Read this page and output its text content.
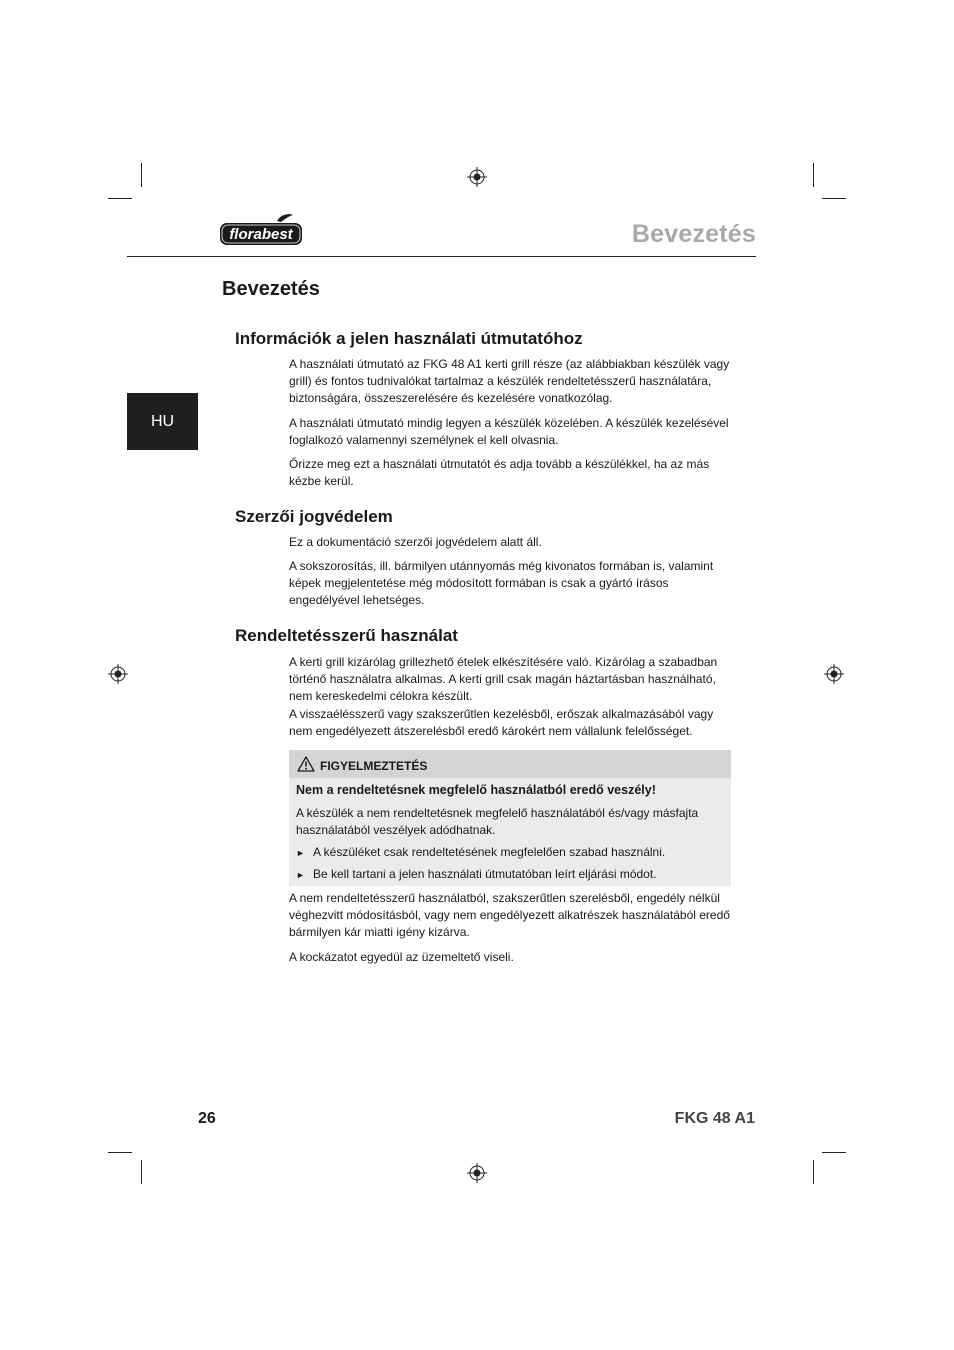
florabest	Bevezetés
HU
Bevezetés
Információk a jelen használati útmutatóhoz

A használati útmutató az FKG 48 A1 kerti grill része (az alábbiakban készülék vagy grill) és fontos tudnivalókat tartalmaz a készülék rendeltetésszerű használatára, biztonságára, összeszerelésére és kezelésére vonatkozólag.

A használati útmutató mindig legyen a készülék közelében. A készülék kezelésével foglalkozó valamennyi személynek el kell olvasnia.

Őrizze meg ezt a használati útmutatót és adja tovább a készülékkel, ha az más kézbe kerül.

Szerzői jogvédelem

Ez a dokumentáció szerzői jogvédelem alatt áll.

A sokszorosítás, ill. bármilyen utánnyomás még kivonatos formában is, valamint képek megjelentetése még módosított formában is csak a gyártó írásos engedélyével lehetséges.

Rendeltetésszerű használat

A kerti grill kizárólag grillezhető ételek elkészítésére való. Kizárólag a szabadban történő használatra alkalmas. A kerti grill csak magán háztartásban használható, nem kereskedelmi célokra készült.

A visszaélésszerű vagy szakszerűtlen kezelésből, erőszak alkalmazásából vagy nem engedélyezett átszerelésből eredő károkért nem vállalunk felelősséget.

FIGYELMEZTETÉS
Nem a rendeltetésnek megfelelő használatból eredő veszély!
A készülék a nem rendeltetésnek megfelelő használatából és/vagy másfajta használatából veszélyek adódhatnak.
► A készüléket csak rendeltetésének megfelelően szabad használni.
► Be kell tartani a jelen használati útmutatóban leírt eljárási módot.

A nem rendeltetésszerű használatból, szakszerűtlen szerelésből, engedély nélkül véghezvitt módosításból, vagy nem engedélyezett alkatrészek használatából eredő bármilyen kár miatti igény kizárva.

A kockázatot egyedül az üzemeltető viseli.

26	FKG 48 A1
